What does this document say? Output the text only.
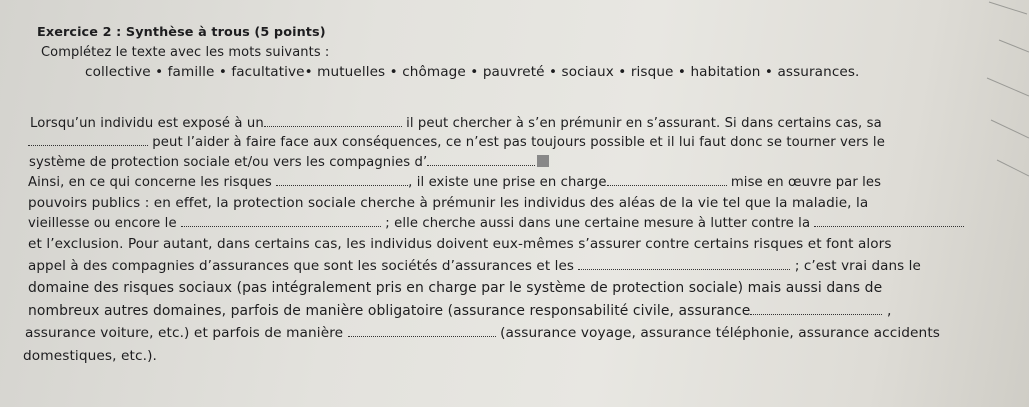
Exercice 2 : Synthèse à trous (5 points)
Complétez le texte avec les mots suivants :
collective • famille • facultative• mutuelles • chômage • pauvreté • sociaux • risque • habitation • assurances.
Lorsqu’un individu est exposé à un	il peut chercher à s’en prémunir en s’assurant. Si dans certains cas, sa
peut l’aider à faire face aux conséquences, ce n’est pas toujours possible et il lui faut donc se tourner vers le
système de protection sociale et/ou vers les compagnies d’
Ainsi, en ce qui concerne les risques	, il existe une prise en charge	mise en œuvre par les
pouvoirs publics : en effet, la protection sociale cherche à prémunir les individus des aléas de la vie tel que la maladie, la
vieillesse ou encore le	; elle cherche aussi dans une certaine mesure à lutter contre la
et l’exclusion. Pour autant, dans certains cas, les individus doivent eux-mêmes s’assurer contre certains risques et font alors
appel à des compagnies d’assurances que sont les sociétés d’assurances et les	; c’est vrai dans le
domaine des risques sociaux (pas intégralement pris en charge par le système de protection sociale) mais aussi dans de
nombreux autres domaines, parfois de manière obligatoire (assurance responsabilité civile, assurance	,
assurance voiture, etc.) et parfois de manière	(assurance voyage, assurance téléphonie, assurance accidents
domestiques, etc.).
